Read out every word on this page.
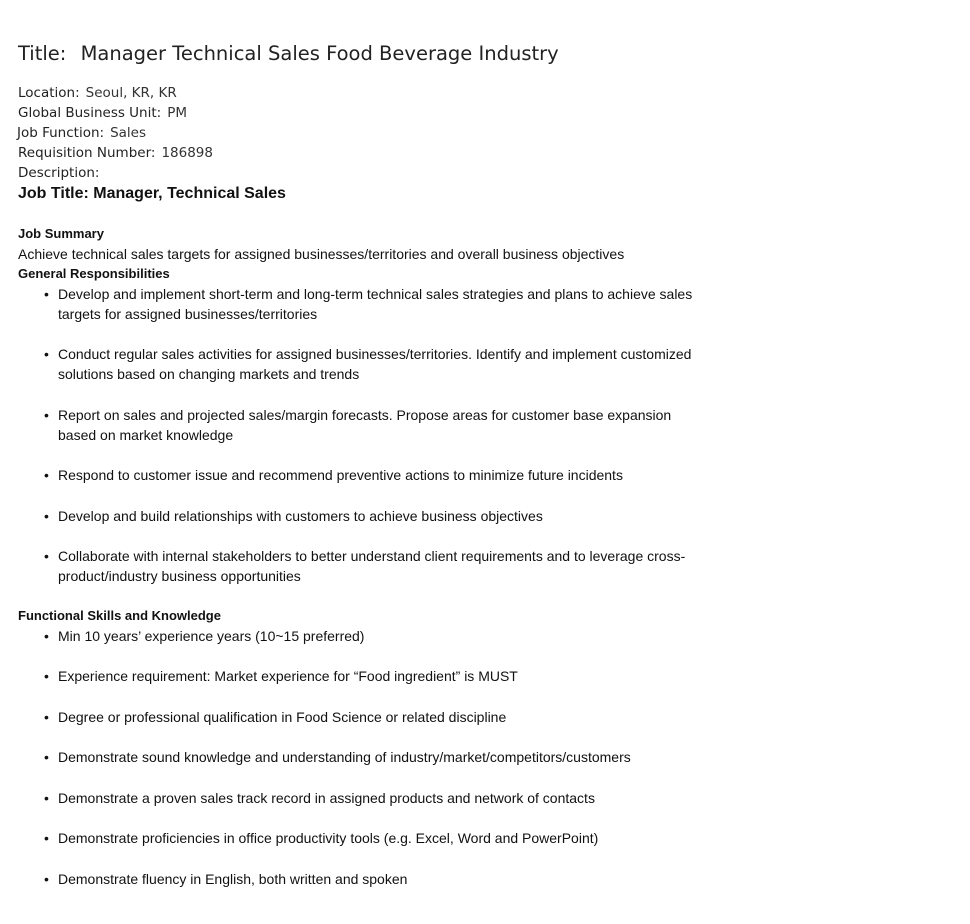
Title: Manager Technical Sales Food Beverage Industry
Location: Seoul, KR, KR
Global Business Unit: PM
Job Function: Sales
Requisition Number: 186898
Description:

Job Title: Manager, Technical Sales

Job Summary

Achieve technical sales targets for assigned businesses/territories and overall business objectives

General Responsibilities

• Develop and implement short-term and long-term technical sales strategies and plans to achieve sales targets for assigned businesses/territories
• Conduct regular sales activities for assigned businesses/territories. Identify and implement customized solutions based on changing markets and trends
• Report on sales and projected sales/margin forecasts. Propose areas for customer base expansion based on market knowledge
• Respond to customer issue and recommend preventive actions to minimize future incidents
• Develop and build relationships with customers to achieve business objectives
• Collaborate with internal stakeholders to better understand client requirements and to leverage cross-product/industry business opportunities

Functional Skills and Knowledge

• Min 10 years’ experience years (10~15 preferred)
• Experience requirement: Market experience for “Food ingredient” is MUST
• Degree or professional qualification in Food Science or related discipline
• Demonstrate sound knowledge and understanding of industry/market/competitors/customers
• Demonstrate a proven sales track record in assigned products and network of contacts
• Demonstrate proficiencies in office productivity tools (e.g. Excel, Word and PowerPoint)
• Demonstrate fluency in English, both written and spoken
